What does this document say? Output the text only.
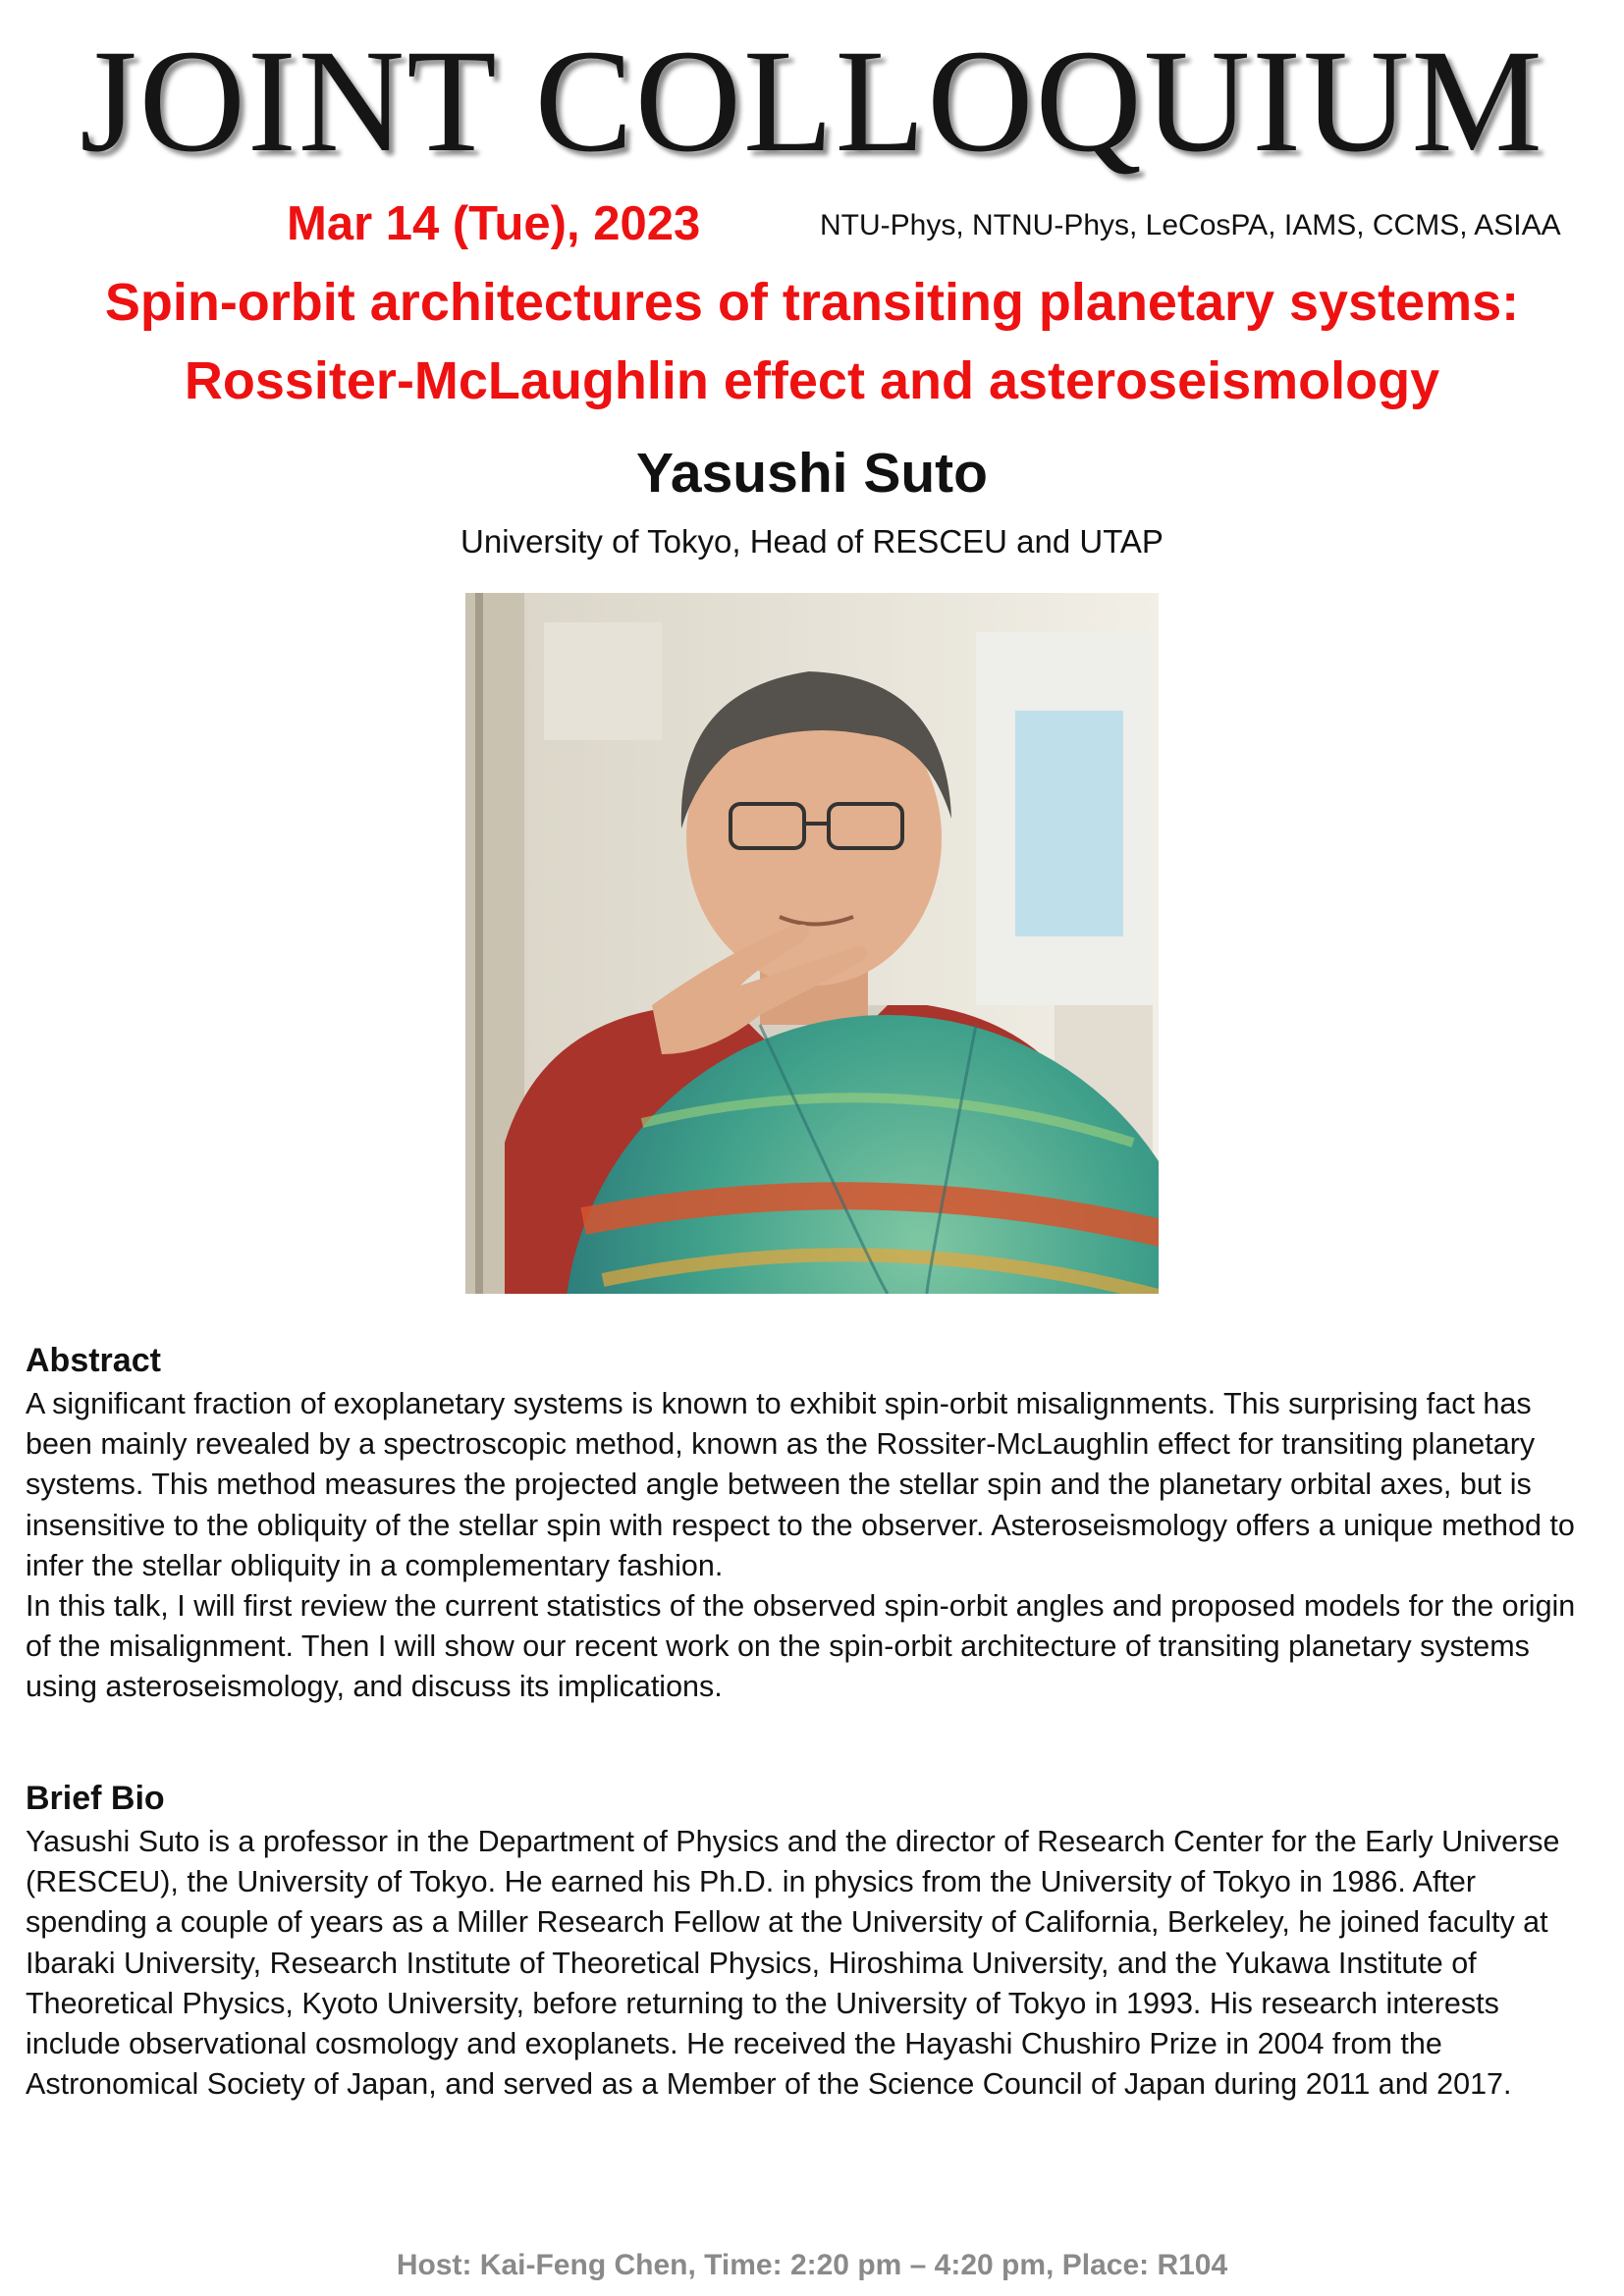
JOINT COLLOQUIUM
Mar 14 (Tue), 2023	NTU-Phys, NTNU-Phys, LeCosPA, IAMS, CCMS, ASIAA
Spin-orbit architectures of transiting planetary systems:
Rossiter-McLaughlin effect and asteroseismology
Yasushi Suto
University of Tokyo, Head of RESCEU and UTAP
Abstract

A significant fraction of exoplanetary systems is known to exhibit spin-orbit misalignments. This surprising fact has been mainly revealed by a spectroscopic method, known as the Rossiter-McLaughlin effect for transiting planetary systems. This method measures the projected angle between the stellar spin and the planetary orbital axes, but is insensitive to the obliquity of the stellar spin with respect to the observer. Asteroseismology offers a unique method to infer the stellar obliquity in a complementary fashion.

In this talk, I will first review the current statistics of the observed spin-orbit angles and proposed models for the origin of the misalignment. Then I will show our recent work on the spin-orbit architecture of transiting planetary systems using asteroseismology, and discuss its implications.

Brief Bio

Yasushi Suto is a professor in the Department of Physics and the director of Research Center for the Early Universe (RESCEU), the University of Tokyo. He earned his Ph.D. in physics from the University of Tokyo in 1986. After spending a couple of years as a Miller Research Fellow at the University of California, Berkeley, he joined faculty at Ibaraki University, Research Institute of Theoretical Physics, Hiroshima University, and the Yukawa Institute of Theoretical Physics, Kyoto University, before returning to the University of Tokyo in 1993. His research interests include observational cosmology and exoplanets. He received the Hayashi Chushiro Prize in 2004 from the Astronomical Society of Japan, and served as a Member of the Science Council of Japan during 2011 and 2017.

Host: Kai-Feng Chen, Time: 2:20 pm – 4:20 pm, Place: R104
